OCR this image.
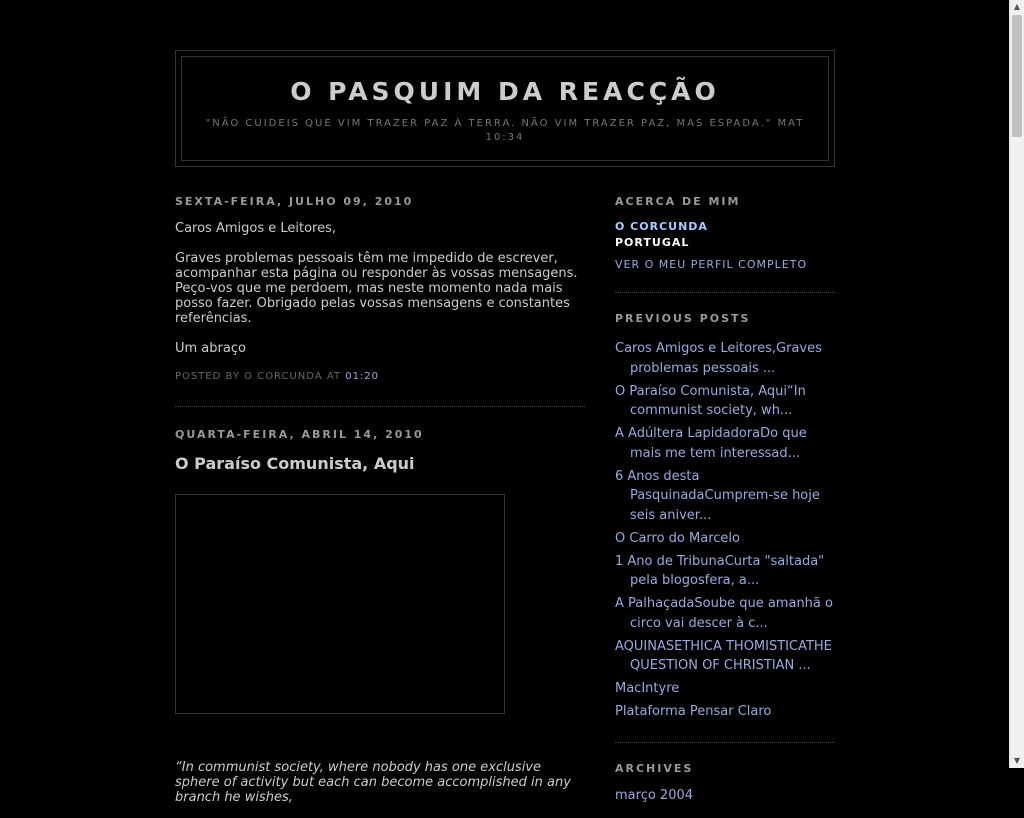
O PASQUIM DA REACÇÃO

"NÃO CUIDEIS QUE VIM TRAZER PAZ À TERRA. NÃO VIM TRAZER PAZ, MAS ESPADA." MAT 10:34

SEXTA-FEIRA, JULHO 09, 2010

Caros Amigos e Leitores,

Graves problemas pessoais têm me impedido de escrever, acompanhar esta página ou responder às vossas mensagens. Peço-vos que me perdoem, mas neste momento nada mais posso fazer. Obrigado pelas vossas mensagens e constantes referências.

Um abraço

POSTED BY O CORCUNDA AT 01:20
QUARTA-FEIRA, ABRIL 14, 2010
O Paraíso Comunista, Aqui

“In communist society, where nobody has one exclusive sphere of activity but each can become accomplished in any branch he wishes,

ACERCA DE MIM
O CORCUNDA
PORTUGAL
VER O MEU PERFIL COMPLETO
PREVIOUS POSTS
Caros Amigos e Leitores,Graves problemas pessoais ...
O Paraíso Comunista, Aqui“In communist society, wh...
A Adúltera LapidadoraDo que mais me tem interessad...
6 Anos desta PasquinadaCumprem-se hoje seis aniver...
O Carro do Marcelo
1 Ano de TribunaCurta "saltada" pela blogosfera, a...
A PalhaçadaSoube que amanhã o circo vai descer à c...
AQUINASETHICA THOMISTICATHE QUESTION OF CHRISTIAN ...
MacIntyre
Plataforma Pensar Claro
ARCHIVES
março 2004
▲
▼
